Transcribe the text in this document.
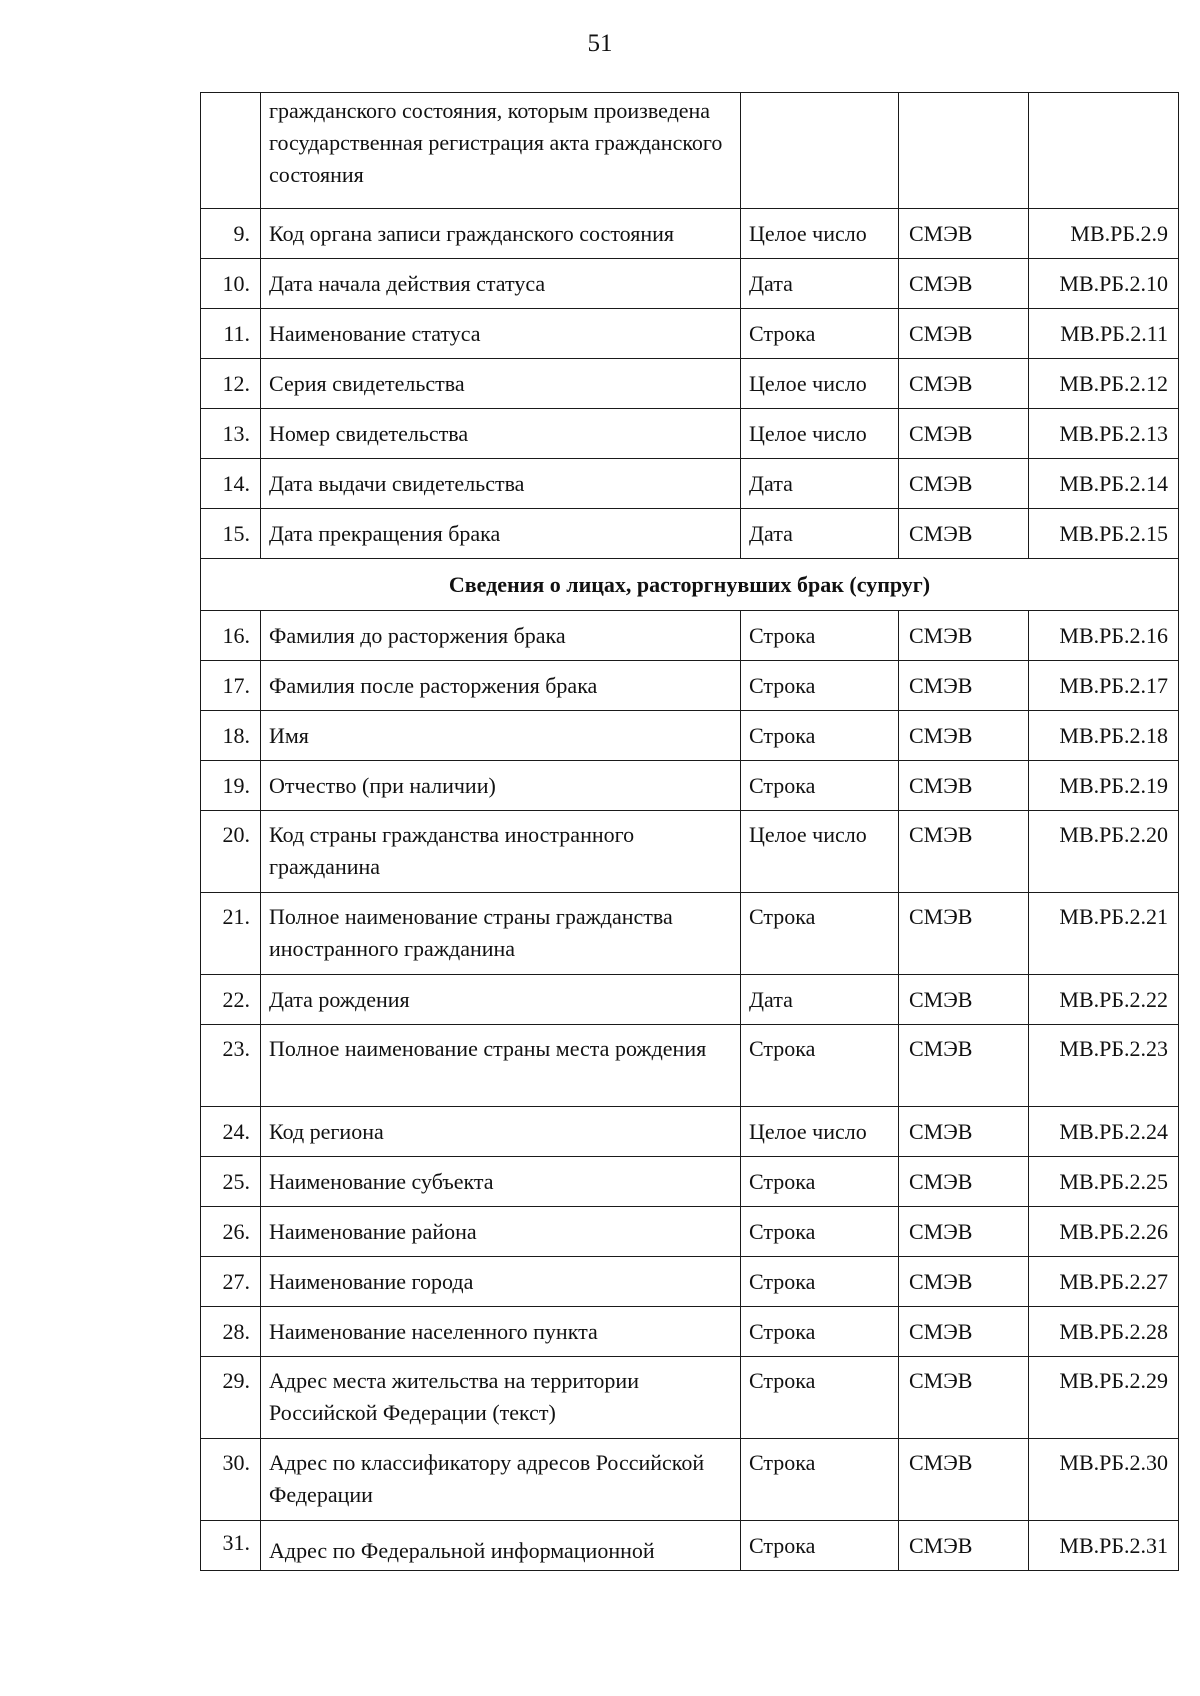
51
	гражданского состояния, которым произведена государственная регистрация акта гражданского состояния			
9.	Код органа записи гражданского состояния	Целое число	СМЭВ	МВ.РБ.2.9
10.	Дата начала действия статуса	Дата	СМЭВ	МВ.РБ.2.10
11.	Наименование статуса	Строка	СМЭВ	МВ.РБ.2.11
12.	Серия свидетельства	Целое число	СМЭВ	МВ.РБ.2.12
13.	Номер свидетельства	Целое число	СМЭВ	МВ.РБ.2.13
14.	Дата выдачи свидетельства	Дата	СМЭВ	МВ.РБ.2.14
15.	Дата прекращения брака	Дата	СМЭВ	МВ.РБ.2.15
Сведения о лицах, расторгнувших брак (супруг)				
16.	Фамилия до расторжения брака	Строка	СМЭВ	МВ.РБ.2.16
17.	Фамилия после расторжения брака	Строка	СМЭВ	МВ.РБ.2.17
18.	Имя	Строка	СМЭВ	МВ.РБ.2.18
19.	Отчество (при наличии)	Строка	СМЭВ	МВ.РБ.2.19
20.	Код страны гражданства иностранного гражданина	Целое число	СМЭВ	МВ.РБ.2.20
21.	Полное наименование страны гражданства иностранного гражданина	Строка	СМЭВ	МВ.РБ.2.21
22.	Дата рождения	Дата	СМЭВ	МВ.РБ.2.22
23.	Полное наименование страны места рождения	Строка	СМЭВ	МВ.РБ.2.23
24.	Код региона	Целое число	СМЭВ	МВ.РБ.2.24
25.	Наименование субъекта	Строка	СМЭВ	МВ.РБ.2.25
26.	Наименование района	Строка	СМЭВ	МВ.РБ.2.26
27.	Наименование города	Строка	СМЭВ	МВ.РБ.2.27
28.	Наименование населенного пункта	Строка	СМЭВ	МВ.РБ.2.28
29.	Адрес места жительства на территории Российской Федерации (текст)	Строка	СМЭВ	МВ.РБ.2.29
30.	Адрес по классификатору адресов Российской Федерации	Строка	СМЭВ	МВ.РБ.2.30
31.	Адрес по Федеральной информационной	Строка	СМЭВ	МВ.РБ.2.31
